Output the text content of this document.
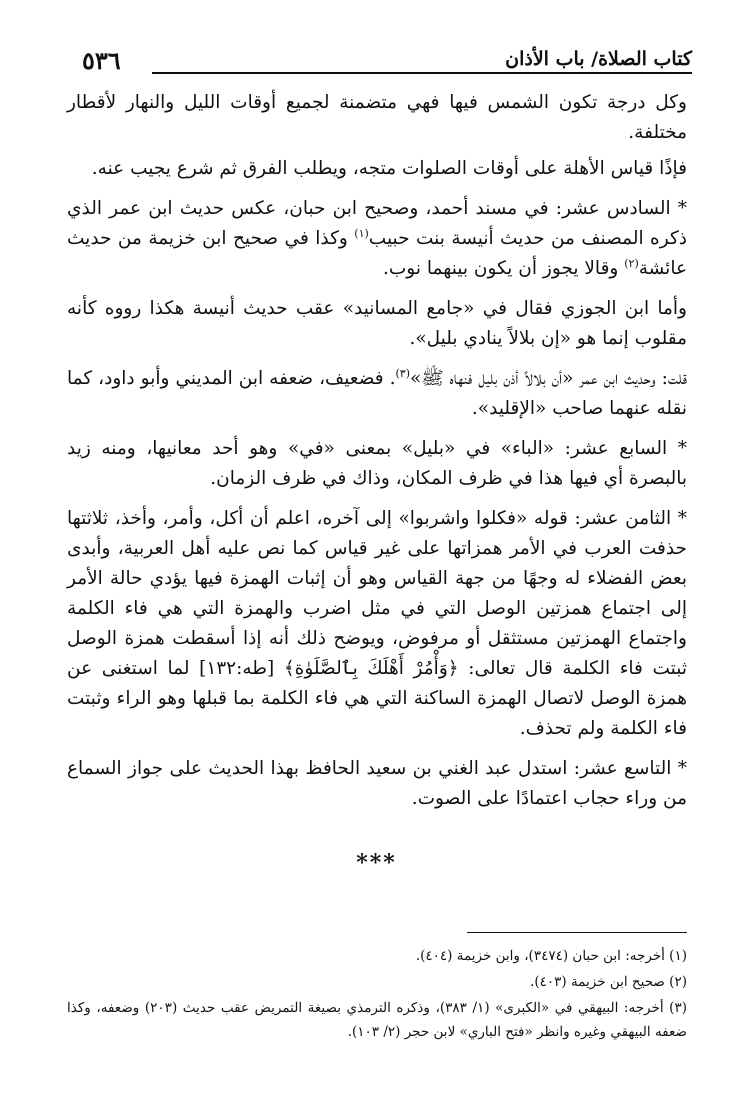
٥٣٦	كتاب الصلاة/ باب الأذان

وكل درجة تكون الشمس فيها فهي متضمنة لجميع أوقات الليل والنهار لأقطار مختلفة.

فإذًا قياس الأهلة على أوقات الصلوات متجه، ويطلب الفرق ثم شرع يجيب عنه.

* السادس عشر: في مسند أحمد، وصحيح ابن حبان، عكس حديث ابن عمر الذي ذكره المصنف من حديث أنيسة بنت حبيب$^{(١)}$ وكذا في صحيح ابن خزيمة من حديث عائشة$^{(٢)}$ وقالا يجوز أن يكون بينهما نوب.

وأما ابن الجوزي فقال في «جامع المسانيد» عقب حديث أنيسة هكذا رووه كأنه مقلوب إنما هو «إن بلالاً ينادي بليل».

قلت: وحديث ابن عمر «أن بلالاً أذن بليل فنهاه ﷺ»$^{(٣)}$. فضعيف، ضعفه ابن المديني وأبو داود، كما نقله عنهما صاحب «الإقليد».

* السابع عشر: «الباء» في «بليل» بمعنى «في» وهو أحد معانيها، ومنه زيد بالبصرة أي فيها هذا في ظرف المكان، وذاك في ظرف الزمان.

* الثامن عشر: قوله «فكلوا واشربوا» إلى آخره، اعلم أن أكل، وأمر، وأخذ، ثلاثتها حذفت العرب في الأمر همزاتها على غير قياس كما نص عليه أهل العربية، وأبدى بعض الفضلاء له وجهًا من جهة القياس وهو أن إثبات الهمزة فيها يؤدي حالة الأمر إلى اجتماع همزتين الوصل التي في مثل اضرب والهمزة التي هي فاء الكلمة واجتماع الهمزتين مستثقل أو مرفوض، ويوضح ذلك أنه إذا أسقطت همزة الوصل ثبتت فاء الكلمة قال تعالى: ﴿وَأْمُرْ أَهْلَكَ بِٱلصَّلَوٰةِ﴾ [طه:١٣٢] لما استغنى عن همزة الوصل لاتصال الهمزة الساكنة التي هي فاء الكلمة بما قبلها وهو الراء وثبتت فاء الكلمة ولم تحذف.

* التاسع عشر: استدل عبد الغني بن سعيد الحافظ بهذا الحديث على جواز السماع من وراء حجاب اعتمادًا على الصوت.

***

(١) أخرجه: ابن حبان (٣٤٧٤)، وابن خزيمة (٤٠٤).

(٢) صحيح ابن خزيمة (٤٠٣).

(٣) أخرجه: البيهقي في «الكبرى» (١/ ٣٨٣)، وذكره الترمذي بصيغة التمريض عقب حديث (٢٠٣) وضعفه، وكذا ضعفه البيهقي وغيره وانظر «فتح الباري» لابن حجر (٢/ ١٠٣).
